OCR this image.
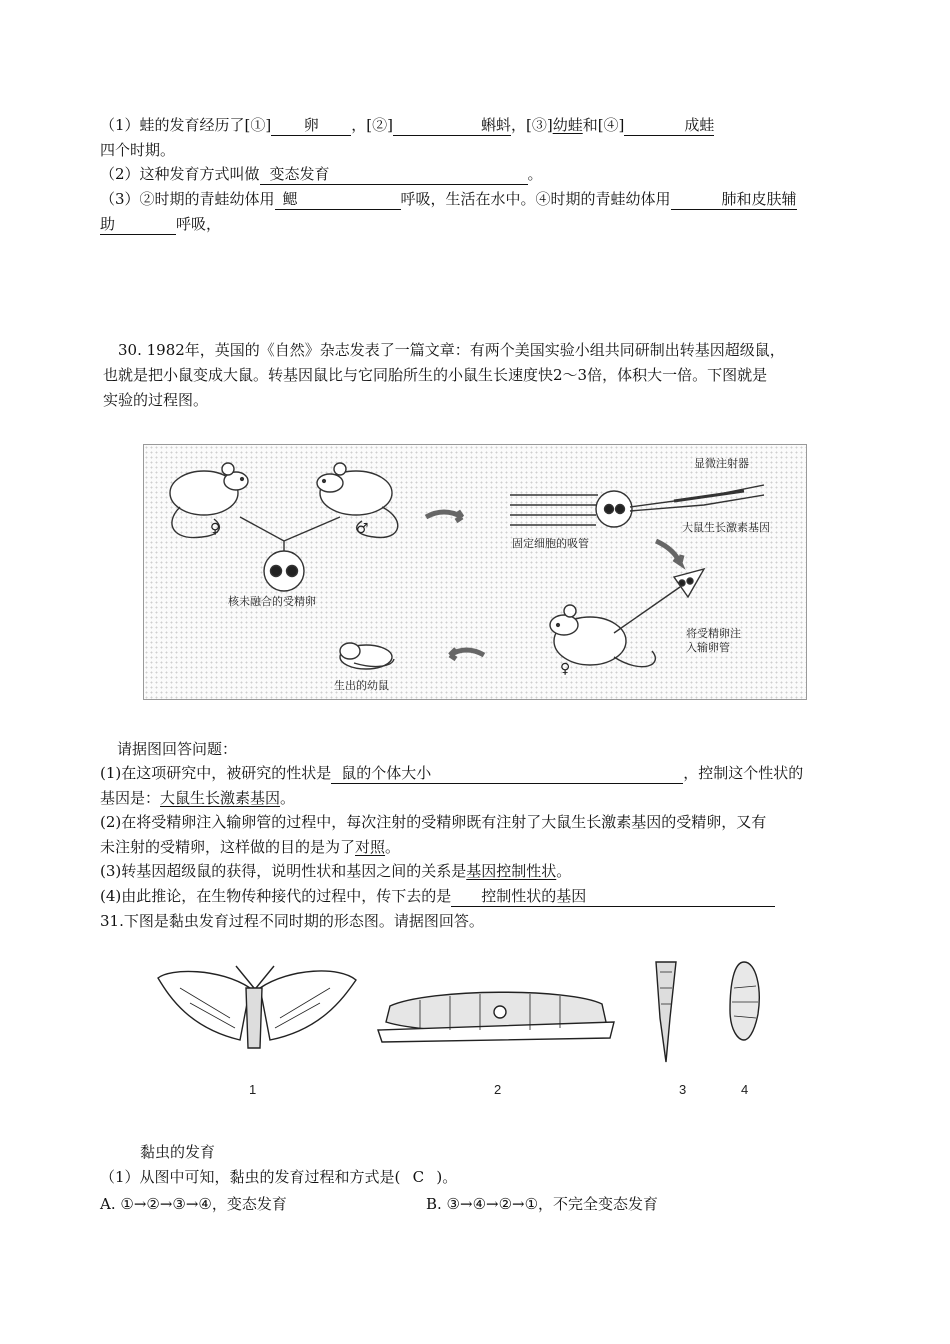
（1）蛙的发育经历了[①] 卵 ，[②]	蝌蚪，[③]幼蛙和[④]	成蛙
四个时期。
（2）这种发育方式叫做 变态发育	。
（3）②时期的青蛙幼体用 鳃	呼吸，生活在水中。④时期的青蛙幼体用	肺和皮肤辅
助	呼吸，
30. 1982年，英国的《自然》杂志发表了一篇文章：有两个美国实验小组共同研制出转基因超级鼠，
也就是把小鼠变成大鼠。转基因鼠比与它同胎所生的小鼠生长速度快2～3倍，体积大一倍。下图就是
实验的过程图。
♀	♂
♀
核未融合的受精卵
显微注射器
固定细胞的吸管
大鼠生长激素基因
将受精卵注
入输卵管
生出的幼鼠
请据图回答问题：
(1)在这项研究中，被研究的性状是 鼠的个体大小	，控制这个性状的
基因是：大鼠生长激素基因。
(2)在将受精卵注入输卵管的过程中，每次注射的受精卵既有注射了大鼠生长激素基因的受精卵，又有
未注射的受精卵，这样做的目的是为了对照。
(3)转基因超级鼠的获得，说明性状和基因之间的关系是基因控制性状。
(4)由此推论，在生物传种接代的过程中，传下去的是 控制性状的基因
31.下图是黏虫发育过程不同时期的形态图。请据图回答。
1	2	3	4
黏虫的发育
（1）从图中可知，黏虫的发育过程和方式是( C )。
A. ①→②→③→④，变态发育	B. ③→④→②→①，不完全变态发育
